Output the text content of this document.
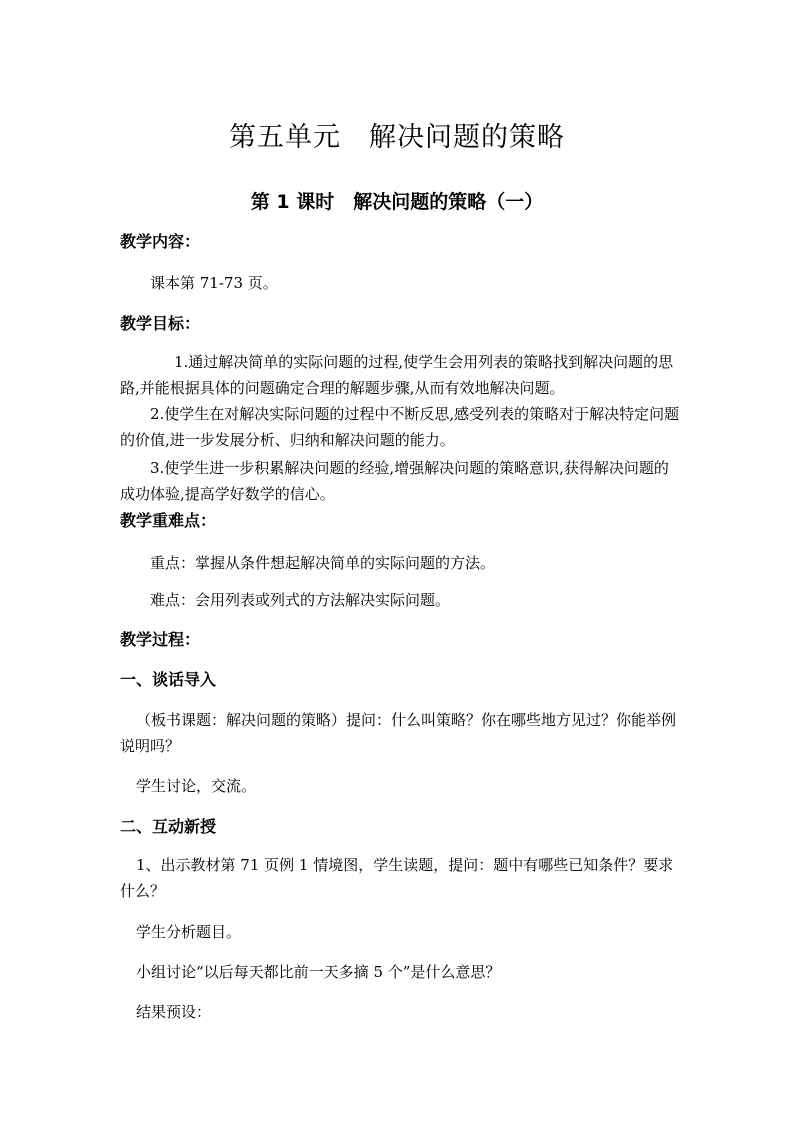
第五单元　解决问题的策略
第 1 课时　解决问题的策略（一）
教学内容：
课本第 71-73 页。
教学目标：
1.通过解决简单的实际问题的过程,使学生会用列表的策略找到解决问题的思路,并能根据具体的问题确定合理的解题步骤,从而有效地解决问题。
2.使学生在对解决实际问题的过程中不断反思,感受列表的策略对于解决特定问题的价值,进一步发展分析、归纳和解决问题的能力。
3.使学生进一步积累解决问题的经验,增强解决问题的策略意识,获得解决问题的成功体验,提高学好数学的信心。
教学重难点：
重点：掌握从条件想起解决简单的实际问题的方法。
难点：会用列表或列式的方法解决实际问题。
教学过程：
一、谈话导入
（板书课题：解决问题的策略）提问：什么叫策略？你在哪些地方见过？你能举例说明吗？
学生讨论，交流。
二、互动新授
1、出示教材第 71 页例 1 情境图，学生读题，提问：题中有哪些已知条件？要求什么？
学生分析题目。
小组讨论“以后每天都比前一天多摘 5 个”是什么意思？
结果预设：
